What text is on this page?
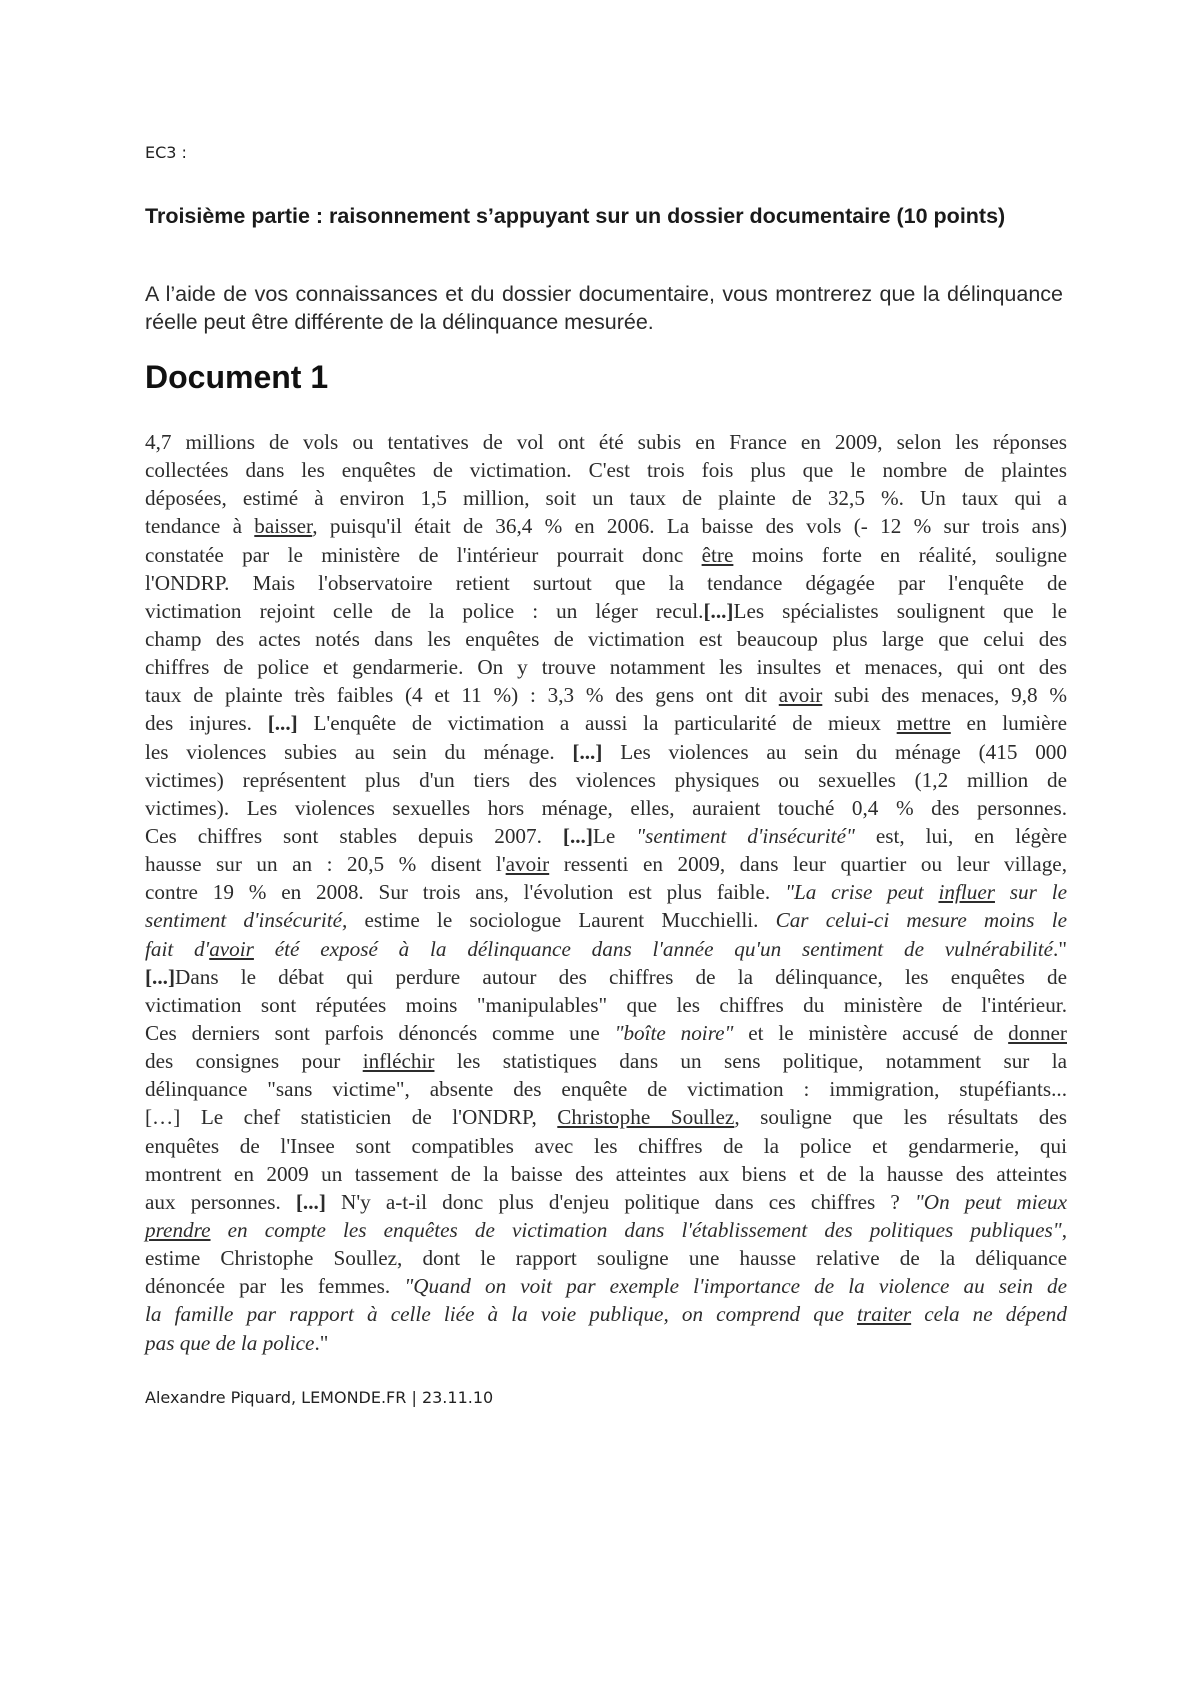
EC3 :
Troisième partie : raisonnement s’appuyant sur un dossier documentaire (10 points)
A l’aide de vos connaissances et du dossier documentaire, vous montrerez que la délinquance réelle peut être différente de la délinquance mesurée.
Document 1
4,7 millions de vols ou tentatives de vol ont été subis en France en 2009, selon les réponses
collectées dans les enquêtes de victimation. C'est trois fois plus que le nombre de plaintes
déposées, estimé à environ 1,5 million, soit un taux de plainte de 32,5 %. Un taux qui a
tendance à baisser, puisqu'il était de 36,4 % en 2006. La baisse des vols (- 12 % sur trois ans)
constatée par le ministère de l'intérieur pourrait donc être moins forte en réalité, souligne
l'ONDRP. Mais l'observatoire retient surtout que la tendance dégagée par l'enquête de
victimation rejoint celle de la police : un léger recul.[...]Les spécialistes soulignent que le
champ des actes notés dans les enquêtes de victimation est beaucoup plus large que celui des
chiffres de police et gendarmerie. On y trouve notamment les insultes et menaces, qui ont des
taux de plainte très faibles (4 et 11 %) : 3,3 % des gens ont dit avoir subi des menaces, 9,8 %
des injures. [...] L'enquête de victimation a aussi la particularité de mieux mettre en lumière
les violences subies au sein du ménage. [...] Les violences au sein du ménage (415 000
victimes) représentent plus d'un tiers des violences physiques ou sexuelles (1,2 million de
victimes). Les violences sexuelles hors ménage, elles, auraient touché 0,4 % des personnes.
Ces chiffres sont stables depuis 2007. [...]Le "sentiment d'insécurité" est, lui, en légère
hausse sur un an : 20,5 % disent l'avoir ressenti en 2009, dans leur quartier ou leur village,
contre 19 % en 2008. Sur trois ans, l'évolution est plus faible. "La crise peut influer sur le
sentiment d'insécurité, estime le sociologue Laurent Mucchielli. Car celui-ci mesure moins le
fait d'avoir été exposé à la délinquance dans l'année qu'un sentiment de vulnérabilité."
[...]Dans le débat qui perdure autour des chiffres de la délinquance, les enquêtes de
victimation sont réputées moins "manipulables" que les chiffres du ministère de l'intérieur.
Ces derniers sont parfois dénoncés comme une "boîte noire" et le ministère accusé de donner
des consignes pour infléchir les statistiques dans un sens politique, notamment sur la
délinquance "sans victime", absente des enquête de victimation : immigration, stupéfiants...
[…] Le chef statisticien de l'ONDRP, Christophe Soullez, souligne que les résultats des
enquêtes de l'Insee sont compatibles avec les chiffres de la police et gendarmerie, qui
montrent en 2009 un tassement de la baisse des atteintes aux biens et de la hausse des atteintes
aux personnes. [...] N'y a-t-il donc plus d'enjeu politique dans ces chiffres ? "On peut mieux
prendre en compte les enquêtes de victimation dans l'établissement des politiques publiques",
estime Christophe Soullez, dont le rapport souligne une hausse relative de la déliquance
dénoncée par les femmes. "Quand on voit par exemple l'importance de la violence au sein de
la famille par rapport à celle liée à la voie publique, on comprend que traiter cela ne dépend
pas que de la police."
Alexandre Piquard, LEMONDE.FR | 23.11.10
